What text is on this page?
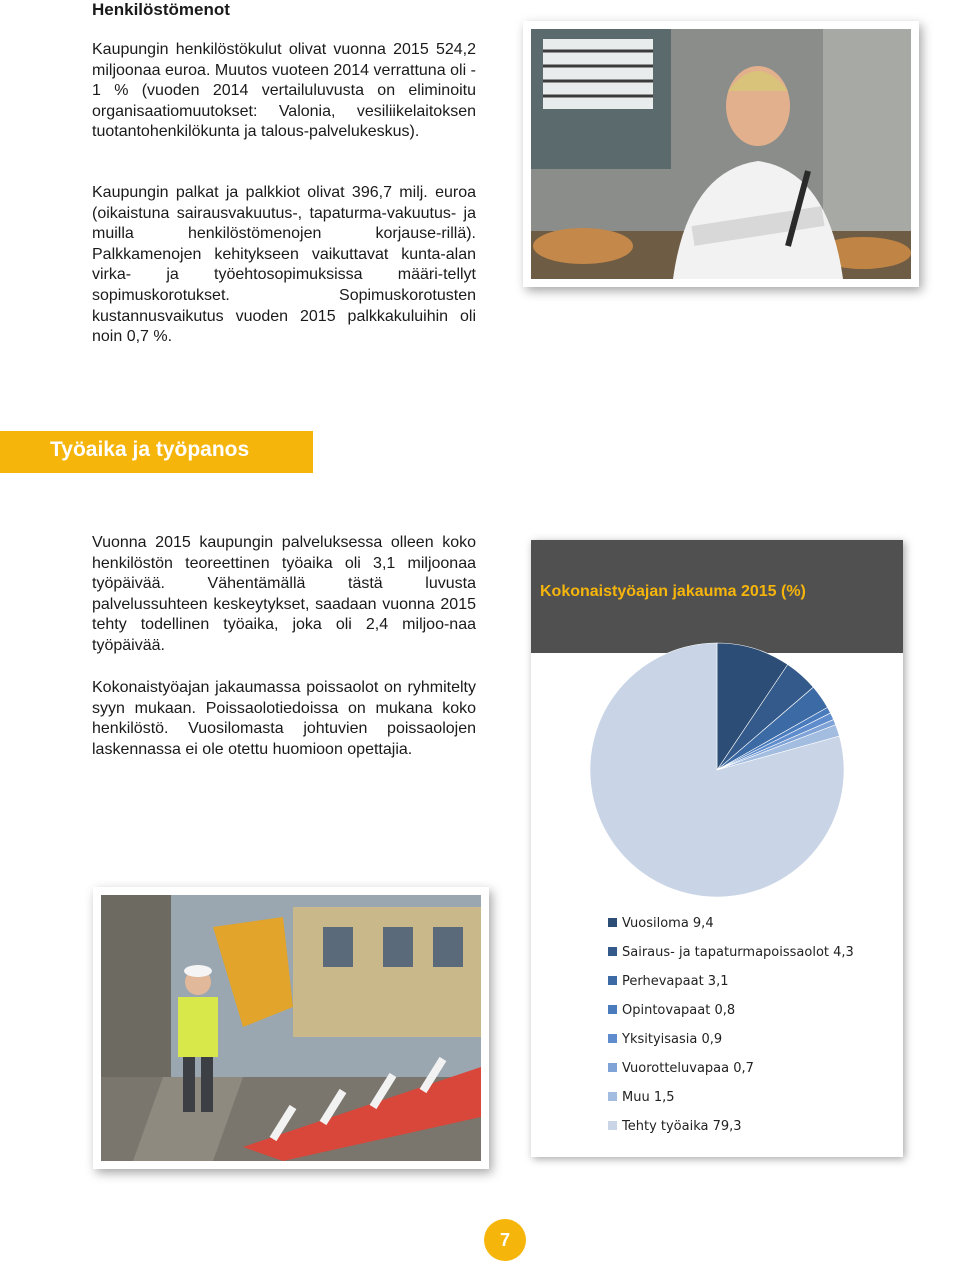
Henkilöstömenot
Kaupungin henkilöstökulut olivat vuonna 2015 524,2 miljoonaa euroa. Muutos vuoteen 2014 verrattuna oli - 1 % (vuoden 2014 vertailuluvusta on eliminoitu organisaatiomuutokset: Valonia, vesiliikelaitoksen tuotantohenkilökunta ja talous-palvelukeskus).
Kaupungin palkat ja palkkiot olivat 396,7 milj. euroa (oikaistuna sairausvakuutus-, tapaturma-vakuutus- ja muilla henkilöstömenojen korjause-rillä). Palkkamenojen kehitykseen vaikuttavat kunta-alan virka- ja työehtosopimuksissa määri-tellyt sopimuskorotukset. Sopimuskorotusten kustannusvaikutus vuoden 2015 palkkakuluihin oli noin 0,7 %.
Työaika ja työpanos
Vuonna 2015 kaupungin palveluksessa olleen koko henkilöstön teoreettinen työaika oli 3,1 miljoonaa työpäivää. Vähentämällä tästä luvusta palvelussuhteen keskeytykset, saadaan vuonna 2015 tehty todellinen työaika, joka oli 2,4 miljoo-naa työpäivää.
Kokonaistyöajan jakaumassa poissaolot on ryhmitelty syyn mukaan. Poissaolotiedoissa on mukana koko henkilöstö. Vuosilomasta johtuvien poissaolojen laskennassa ei ole otettu huomioon opettajia.
Kokonaistyöajan jakauma 2015 (%)
Vuosiloma 9,4
Sairaus- ja tapaturmapoissaolot 4,3
Perhevapaat 3,1
Opintovapaat 0,8
Yksityisasia 0,9
Vuorotteluvapaa 0,7
Muu 1,5
Tehty työaika 79,3
7
